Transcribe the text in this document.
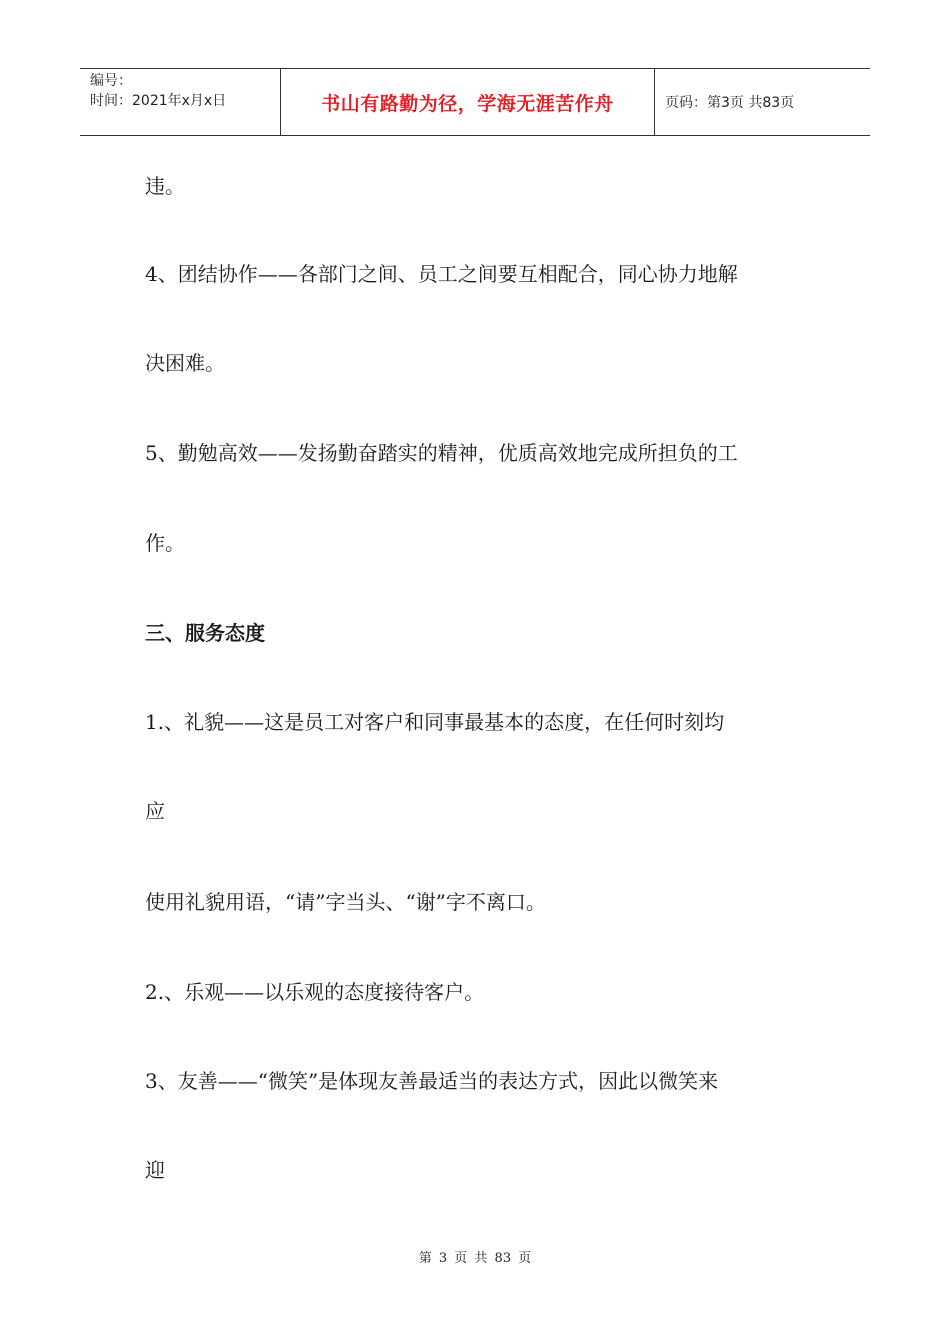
编号：
时间：2021年x月x日	书山有路勤为径，学海无涯苦作舟	页码：第3页 共83页
违。
4、团结协作——各部门之间、员工之间要互相配合，同心协力地解
决困难。
5、勤勉高效——发扬勤奋踏实的精神，优质高效地完成所担负的工
作。
三、服务态度
1.、礼貌——这是员工对客户和同事最基本的态度，在任何时刻均
应
使用礼貌用语，“请”字当头、“谢”字不离口。
2.、乐观——以乐观的态度接待客户。
3、友善——“微笑”是体现友善最适当的表达方式，因此以微笑来
迎
第 3 页 共 83 页
